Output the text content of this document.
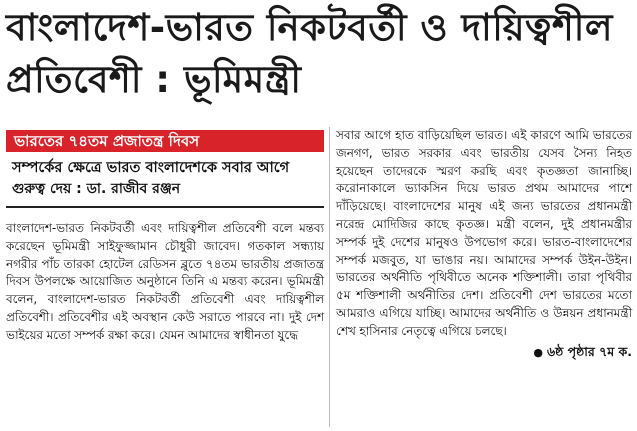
বাংলাদেশ-ভারত নিকটবর্তী ও দায়িত্বশীল প্রতিবেশী : ভূমিমন্ত্রী
ভারতের ৭৪তম প্রজাতন্ত্র দিবস
সম্পর্কের ক্ষেত্রে ভারত বাংলাদেশকে সবার আগে
গুরুত্ব দেয় : ডা. রাজীব রঞ্জন
বাংলাদেশ-ভারত নিকটবর্তী এবং দায়িত্বশীল প্রতিবেশী বলে মন্তব্য করেছেন ভূমিমন্ত্রী সাইফুজ্জামান চৌধুরী জাবেদ। গতকাল সন্ধ্যায় নগরীর পাঁচ তারকা হোটেল রেডিসন ব্লুতে ৭৪তম ভারতীয় প্রজাতন্ত্র দিবস উপলক্ষে আয়োজিত অনুষ্ঠানে তিনি এ মন্তব্য করেন। ভূমিমন্ত্রী বলেন, বাংলাদেশ-ভারত নিকটবর্তী প্রতিবেশী এবং দায়িত্বশীল প্রতিবেশী। প্রতিবেশীর এই অবস্থান কেউ সরাতে পারবে না। দুই দেশ ভাইয়ের মতো সম্পর্ক রক্ষা করে। যেমন আমাদের স্বাধীনতা যুদ্ধে
সবার আগে হাত বাড়িয়েছিল ভারত। এই কারণে আমি ভারতের জনগণ, ভারত সরকার এবং ভারতীয় যেসব সৈন্য নিহত হয়েছেন তাদেরকে স্মরণ করছি এবং কৃতজ্ঞতা জানাচ্ছি। করোনাকালে ভ্যাকসিন দিয়ে ভারত প্রথম আমাদের পাশে দাঁড়িয়েছে। বাংলাদেশের মানুষ এই জন্য ভারতের প্রধানমন্ত্রী নরেন্দ্র মোদিজির কাছে কৃতজ্ঞ। মন্ত্রী বলেন, দুই প্রধানমন্ত্রীর সম্পর্ক দুই দেশের মানুষও উপভোগ করে। ভারত-বাংলাদেশের সম্পর্ক মজবুত, যা ভাঙার নয়। আমাদের সম্পর্ক উইন-উইন। ভারতের অর্থনীতি পৃথিবীতে অনেক শক্তিশালী। তারা পৃথিবীর ৫ম শক্তিশালী অর্থনীতির দেশ। প্রতিবেশী দেশ ভারতের মতো আমরাও এগিয়ে যাচ্ছি। আমাদের অর্থনীতি ও উন্নয়ন প্রধানমন্ত্রী শেখ হাসিনার নেতৃত্বে এগিয়ে চলছে।
● ৬ষ্ঠ পৃষ্ঠার ৭ম ক.
